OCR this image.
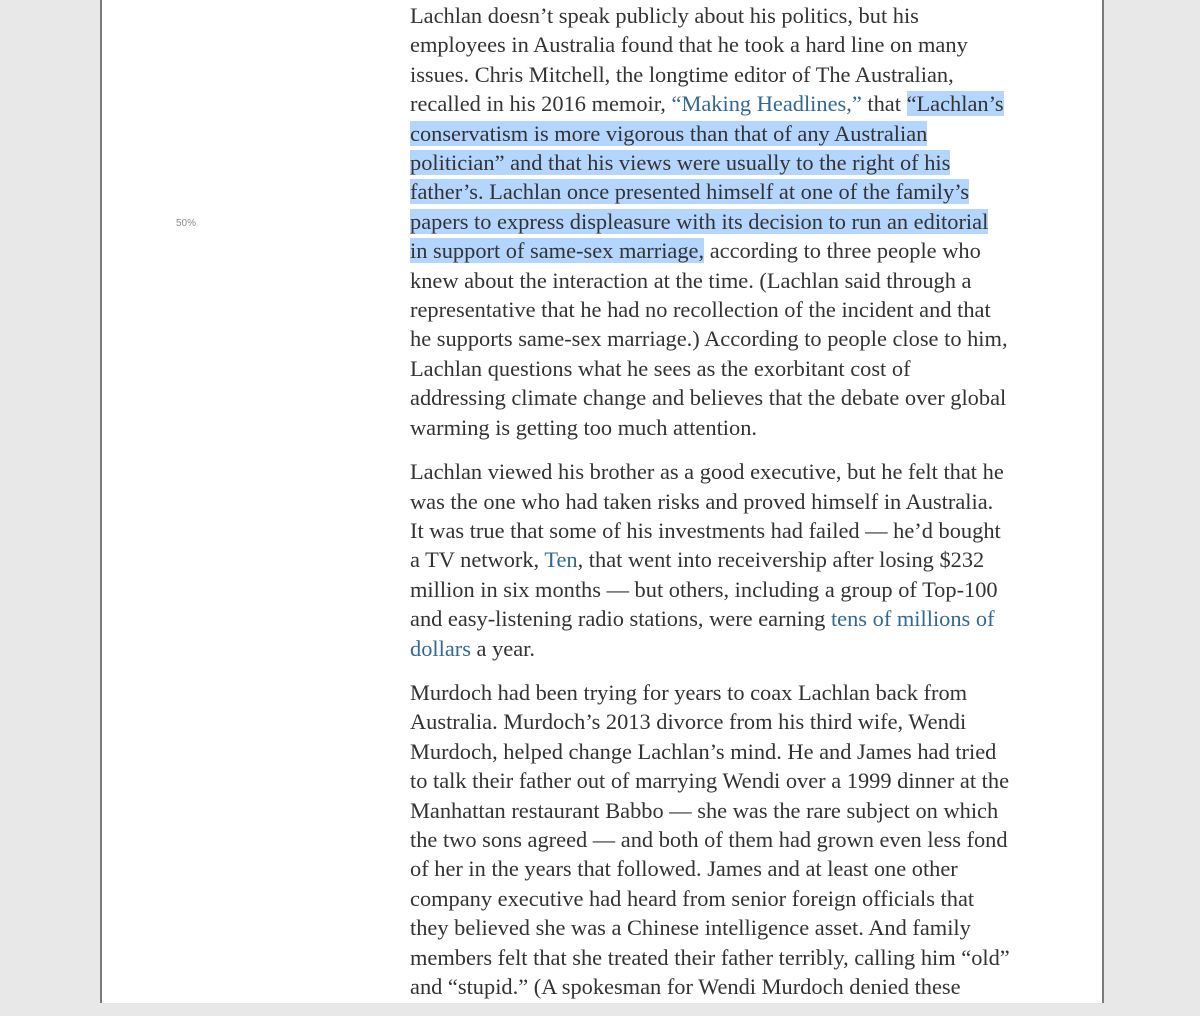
50%

Lachlan doesn’t speak publicly about his politics, but his employees in Australia found that he took a hard line on many issues. Chris Mitchell, the longtime editor of The Australian, recalled in his 2016 memoir, “Making Headlines,” that “Lachlan’s conservatism is more vigorous than that of any Australian politician” and that his views were usually to the right of his father’s. Lachlan once presented himself at one of the family’s papers to express displeasure with its decision to run an editorial in support of same-sex marriage, according to three people who knew about the interaction at the time. (Lachlan said through a representative that he had no recollection of the incident and that he supports same-sex marriage.) According to people close to him, Lachlan questions what he sees as the exorbitant cost of addressing climate change and believes that the debate over global warming is getting too much attention.

Lachlan viewed his brother as a good executive, but he felt that he was the one who had taken risks and proved himself in Australia. It was true that some of his investments had failed — he’d bought a TV network, Ten, that went into receivership after losing $232 million in six months — but others, including a group of Top-100 and easy-listening radio stations, were earning tens of millions of dollars a year.

Murdoch had been trying for years to coax Lachlan back from Australia. Murdoch’s 2013 divorce from his third wife, Wendi Murdoch, helped change Lachlan’s mind. He and James had tried to talk their father out of marrying Wendi over a 1999 dinner at the Manhattan restaurant Babbo — she was the rare subject on which the two sons agreed — and both of them had grown even less fond of her in the years that followed. James and at least one other company executive had heard from senior foreign officials that they believed she was a Chinese intelligence asset. And family members felt that she treated their father terribly, calling him “old” and “stupid.” (A spokesman for Wendi Murdoch denied these
